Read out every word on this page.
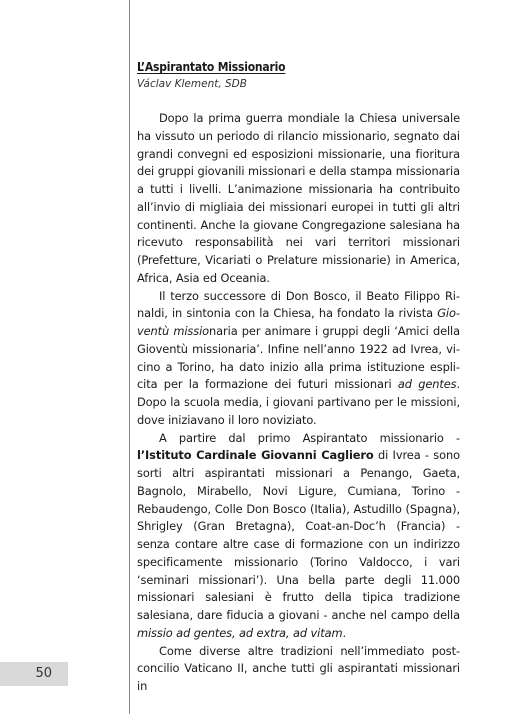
50
L’Aspirantato Missionario
Václav Klement, SDB

Dopo la prima guerra mondiale la Chiesa universale ha vissuto un periodo di rilancio missionario, segnato dai grandi convegni ed esposizioni missionarie, una fioritura dei gruppi giovanili missionari e della stampa missionaria a tutti i livelli. L’animazione missionaria ha contribuito all’invio di migliaia dei missionari europei in tutti gli altri continenti. Anche la giovane Congregazione salesiana ha ricevuto responsabilità nei vari territori missionari (Prefetture, Vicariati o Prelature missionarie) in America, Africa, Asia ed Oceania.

Il terzo successore di Don Bosco, il Beato Filippo Rinaldi, in sintonia con la Chiesa, ha fondato la rivista Gioventù missionaria per animare i gruppi degli ‘Amici della Gioventù missionaria’. Infine nell’anno 1922 ad Ivrea, vicino a Torino, ha dato inizio alla prima istituzione esplicita per la formazione dei futuri missionari ad gentes. Dopo la scuola media, i giovani partivano per le missioni, dove iniziavano il loro noviziato.

A partire dal primo Aspirantato missionario - l’Istituto Cardinale Giovanni Cagliero di Ivrea - sono sorti altri aspirantati missionari a Penango, Gaeta, Bagnolo, Mirabello, Novi Ligure, Cumiana, Torino - Rebaudengo, Colle Don Bosco (Italia), Astudillo (Spagna), Shrigley (Gran Bretagna), Coat-an-Doc’h (Francia) - senza contare altre case di formazione con un indirizzo specificamente missionario (Torino Valdocco, i vari ‘seminari missionari’). Una bella parte degli 11.000 missionari salesiani è frutto della tipica tradizione salesiana, dare fiducia a giovani - anche nel campo della missio ad gentes, ad extra, ad vitam.

Come diverse altre tradizioni nell’immediato post-concilio Vaticano II, anche tutti gli aspirantati missionari in
